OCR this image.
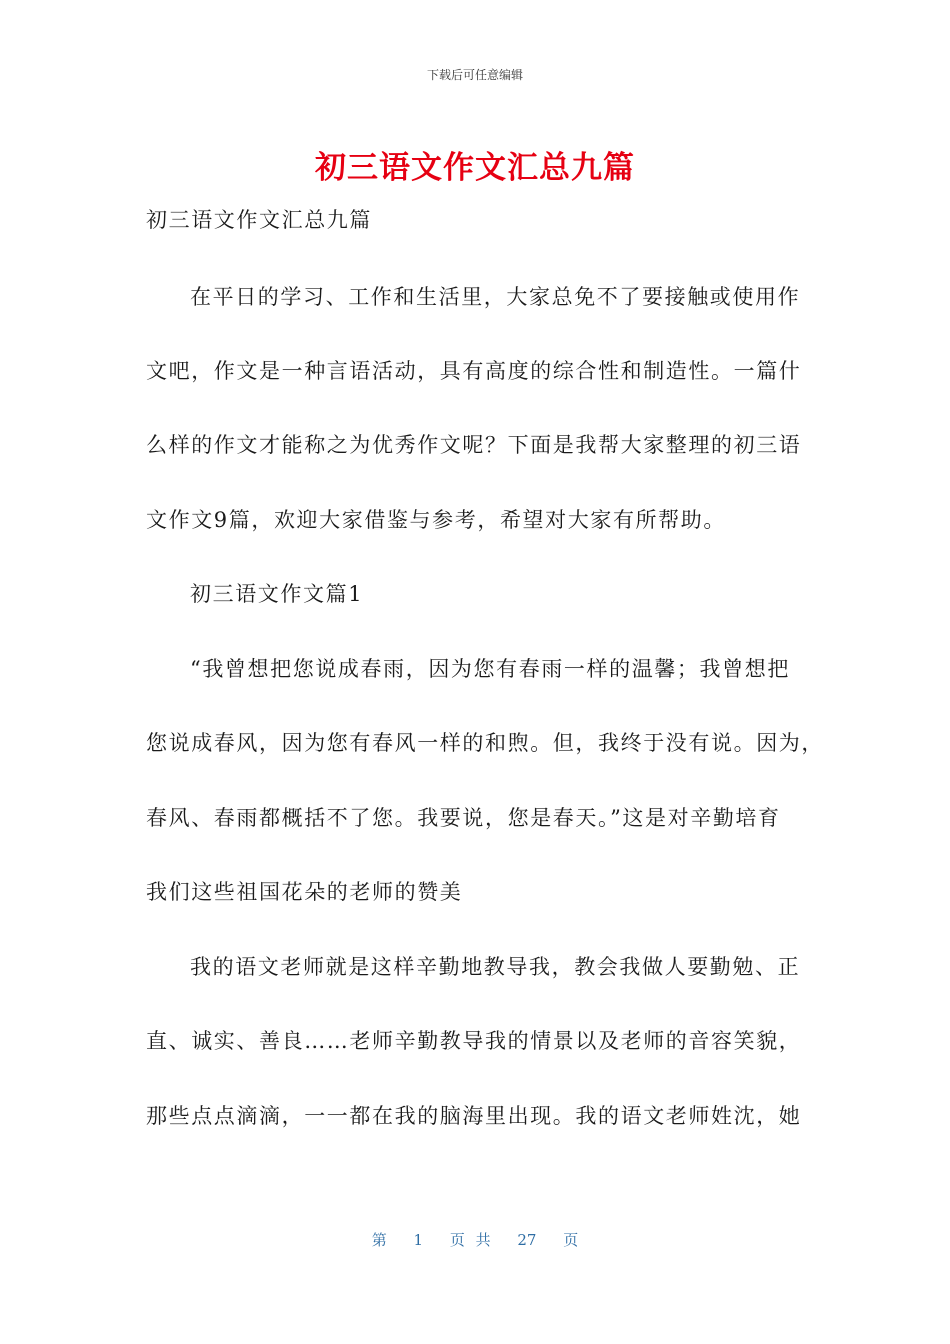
下载后可任意编辑
初三语文作文汇总九篇
初三语文作文汇总九篇
在平日的学习、工作和生活里，大家总免不了要接触或使用作
文吧，作文是一种言语活动，具有高度的综合性和制造性。一篇什
么样的作文才能称之为优秀作文呢？下面是我帮大家整理的初三语
文作文9篇，欢迎大家借鉴与参考，希望对大家有所帮助。
初三语文作文篇1
“我曾想把您说成春雨，因为您有春雨一样的温馨；我曾想把
您说成春风，因为您有春风一样的和煦。但，我终于没有说。因为，
春风、春雨都概括不了您。我要说，您是春天。”这是对辛勤培育
我们这些祖国花朵的老师的赞美
我的语文老师就是这样辛勤地教导我，教会我做人要勤勉、正
直、诚实、善良……老师辛勤教导我的情景以及老师的音容笑貌，
那些点点滴滴，一一都在我的脑海里出现。我的语文老师姓沈，她
第 1 页 共 27 页
